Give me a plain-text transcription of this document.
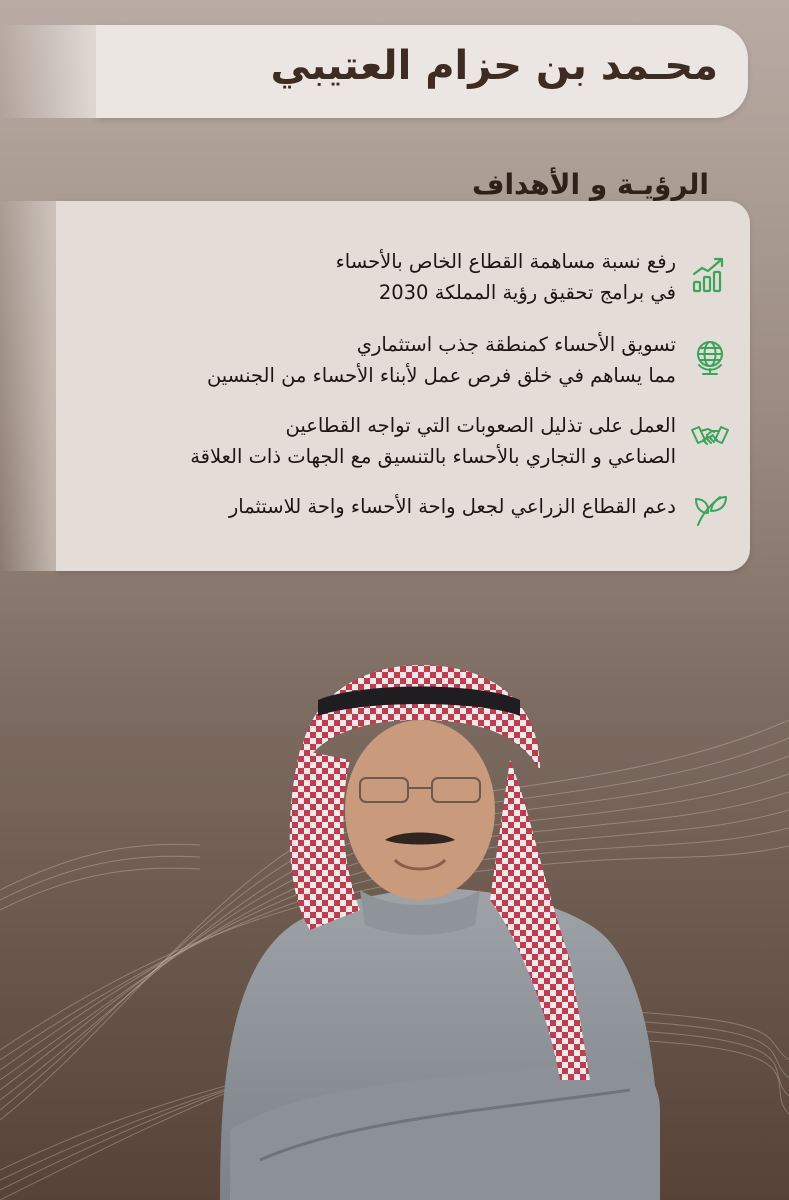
محـمد بن حزام العتيبي
الرؤيـة و الأهداف
رفع نسبة مساهمة القطاع الخاص بالأحساء
في برامج تحقيق رؤية المملكة 2030
تسويق الأحساء كمنطقة جذب استثماري
مما يساهم في خلق فرص عمل لأبناء الأحساء من الجنسين
العمل على تذليل الصعوبات التي تواجه القطاعين
الصناعي و التجاري بالأحساء بالتنسيق مع الجهات ذات العلاقة
دعم القطاع الزراعي لجعل واحة الأحساء واحة للاستثمار
